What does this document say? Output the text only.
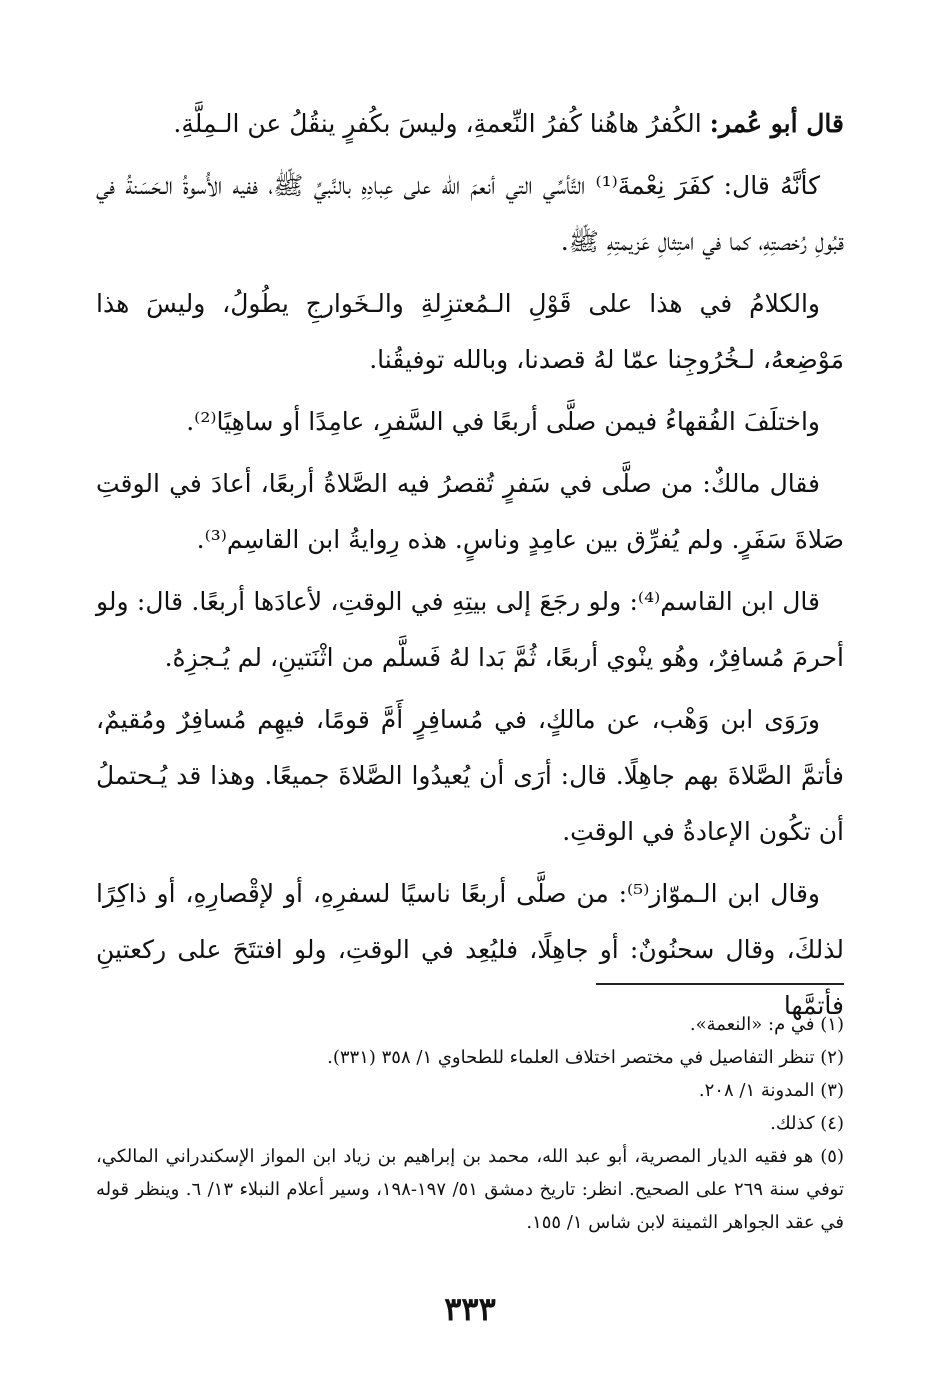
قال أبو عُمر: الكُفرُ هاهُنا كُفرُ النِّعمةِ، وليسَ بكُفرٍ ينقُلُ عن الـمِلَّةِ.

كأنَّهُ قال: كفَرَ نِعْمةَ⁽¹⁾ التَّأسِّي التي أنعمَ الله على عِبادِهِ بالنَّبيِّ ﷺ، ففيه الأُسوةُ الـحَسَنةُ في قبُولِ رُخصتِهِ، كما في امتِثالِ عَزيمتِهِ ﷺ.

والكلامُ في هذا على قَوْلِ الـمُعتزِلةِ والـخَوارجِ يطُولُ، وليسَ هذا مَوْضِعهُ، لـخُرُوجِنا عمّا لهُ قصدنا، وبالله توفيقُنا.

واختلَفَ الفُقهاءُ فيمن صلَّى أربعًا في السَّفرِ، عامِدًا أو ساهِيًا⁽²⁾.

فقال مالكٌ: من صلَّى في سَفرٍ تُقصرُ فيه الصَّلاةُ أربعًا، أعادَ في الوقتِ صَلاةَ سَفَرٍ. ولم يُفرِّق بين عامِدٍ وناسٍ. هذه رِوايةُ ابن القاسِم⁽³⁾.

قال ابن القاسم⁽⁴⁾: ولو رجَعَ إلى بيتِهِ في الوقتِ، لأعادَها أربعًا. قال: ولو أحرمَ مُسافِرٌ، وهُو ينْوي أربعًا، ثُمَّ بَدا لهُ فَسلَّم من اثْنَتينِ، لم يُـجزِهُ.

ورَوَى ابن وَهْب، عن مالكٍ، في مُسافِرٍ أَمَّ قومًا، فيهِم مُسافِرٌ ومُقيمٌ، فأتمَّ الصَّلاةَ بهم جاهِلًا. قال: أرَى أن يُعيدُوا الصَّلاةَ جميعًا. وهذا قد يُـحتملُ أن تكُون الإعادةُ في الوقتِ.

وقال ابن الـموّاز⁽⁵⁾: من صلَّى أربعًا ناسيًا لسفرِهِ، أو لإقْصارِهِ، أو ذاكِرًا لذلكَ، وقال سحنُونٌ: أو جاهِلًا، فليُعِد في الوقتِ، ولو افتتَحَ على ركعتينِ فأتمَّها

(١) في م: «النعمة».

(٢) تنظر التفاصيل في مختصر اختلاف العلماء للطحاوي ١/ ٣٥٨ (٣٣١).

(٣) المدونة ١/ ٢٠٨.

(٤) كذلك.

(٥) هو فقيه الديار المصرية، أبو عبد الله، محمد بن إبراهيم بن زياد ابن المواز الإسكندراني المالكي، توفي سنة ٢٦٩ على الصحيح. انظر: تاريخ دمشق ٥١/ ١٩٧-١٩٨، وسير أعلام النبلاء ١٣/ ٦. وينظر قوله في عقد الجواهر الثمينة لابن شاس ١/ ١٥٥.

٣٣٣
